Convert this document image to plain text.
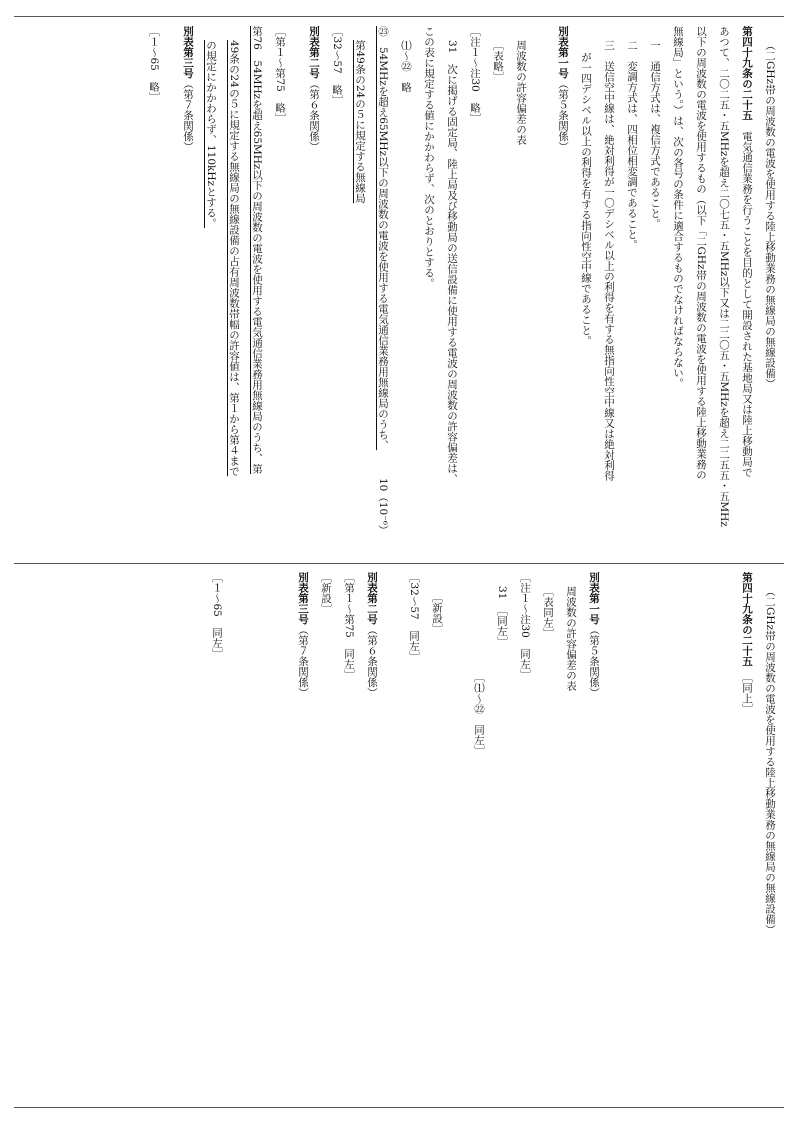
（二GHz帯の周波数の電波を使用する陸上移動業務の無線局の無線設備）
第四十九条の二十五　電気通信業務を行うことを目的として開設された基地局又は陸上移動局で
あつて、二〇二五・五MHzを超え二〇七五・五MHz以下又は二二〇五・五MHzを超え二二五五・五MHz
以下の周波数の電波を使用するもの（以下「二GHz帯の周波数の電波を使用する陸上移動業務の
無線局」という。）は、次の各号の条件に適合するものでなければならない。
一　通信方式は、複信方式であること。
二　変調方式は、四相位相変調であること。
三　送信空中線は、絶対利得が一〇デシベル以上の利得を有する無指向性空中線又は絶対利得
が一四デシベル以上の利得を有する指向性空中線であること。
別表第一号（第５条関係）
周波数の許容偏差の表
［表略］
［注１～注30　略］
31　次に掲げる固定局、陸上局及び移動局の送信設備に使用する電波の周波数の許容偏差は、
この表に規定する値にかかわらず、次のとおりとする。
⑴～㉒　略
㉓　54MHzを超え65MHz以下の周波数の電波を使用する電気通信業務用無線局のうち、10（10⁻⁶）
第49条の24の５に規定する無線局
［32～57　略］
別表第二号（第６条関係）
［第１～第75　略］
第76　54MHzを超え65MHz以下の周波数の電波を使用する電気通信業務用無線局のうち、第
49条の24の５に規定する無線局の無線設備の占有周波数帯幅の許容値は、第１から第４まで
の規定にかかわらず、110kHzとする。
別表第三号（第７条関係）
［１～65　略］
（二GHz帯の周波数の電波を使用する陸上移動業務の無線局の無線設備）
第四十九条の二十五　［同上］
別表第一号（第５条関係）
周波数の許容偏差の表
［表同左］
［注１～注30　同左］
31　［同左］
［⑴～㉒　同左］
［新設］
［32～57　同左］
別表第二号（第６条関係）
［第１～第75　同左］
［新設］
別表第三号（第７条関係）
［１～65　同左］
